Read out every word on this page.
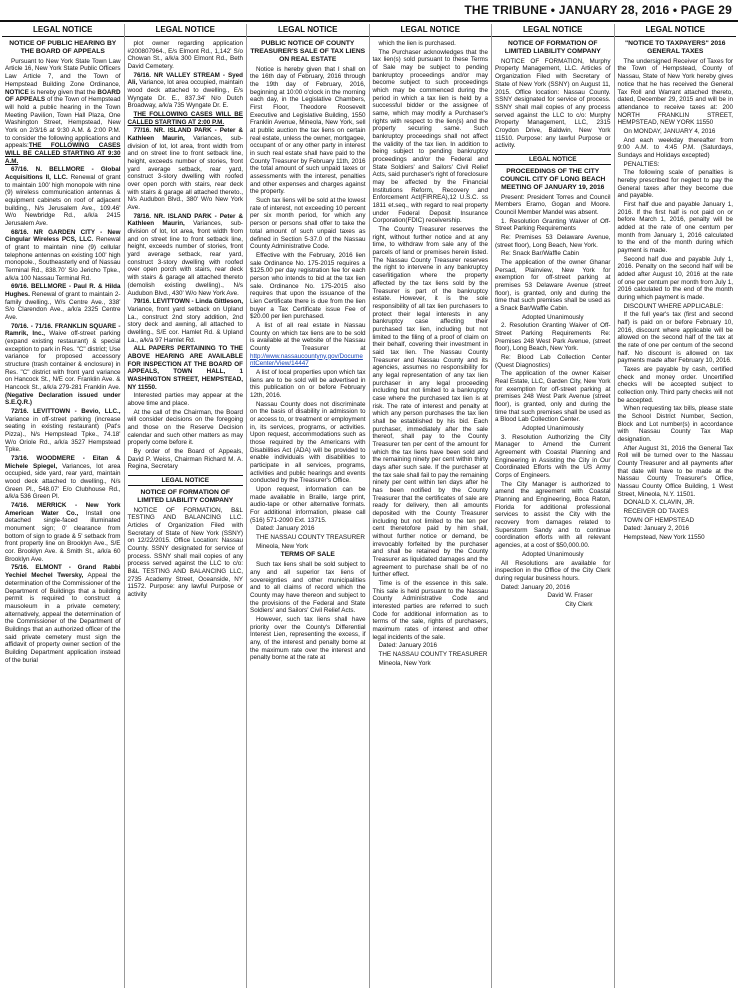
THE TRIBUNE • JANUARY 28, 2016 • PAGE 29
LEGAL NOTICE
NOTICE OF PUBLIC HEARING BY THE BOARD OF APPEALS
Pursuant to New York State Town Law Article 16, New York State Public Officers Law Article 7, and the Town of Hempstead Building Zone Ordinance, NOTICE is hereby given that the BOARD OF APPEALS of the Town of Hempstead will hold a public hearing in the Town Meeting Pavilion, Town Hall Plaza, One Washington Street, Hempstead, New York on 2/3/16 at 9:30 A.M. & 2:00 P.M. to consider the following applications and appeals:THE FOLLOWING CASES WILL BE CALLED STARTING AT 9:30 A.M.
67/16. N. BELLMORE - Global Acquisitions II, LLC. Renewal of grant to maintain 100' high monopole with nine (9) wireless communication antennas & equipment cabinets on roof of adjacent building., N/s Jerusalem Ave., 109.46' W/o Newbridge Rd., a/k/a 2415 Jerusalem Ave.
68/16. NR GARDEN CITY - New Cingular Wireless PCS, LLC. Renewal of grant to maintain nine (9) cellular telephone antennas on existing 100' high monopole., Southeasterly end of Nassau Terminal Rd., 838.70' S/o Jericho Tpke., a/k/a 100 Nassau Terminal Rd.
69/16. BELLMORE - Paul R. & Hilda Hughes. Renewal of grant to maintain 2-family dwelling., W/s Centre Ave., 338' S/o Clarendon Ave., a/k/a 2325 Centre Ave.
70/16. - 71/16. FRANKLIN SQUARE - Ramrik, Inc., Waive off-street parking (expand existing restaurant) & special exception to park in Res. "C" district; Use variance for proposed accessory structure (trash container & enclosure) in Res. "C" district with front yard variance on Hancock St., N/E cor. Franklin Ave. & Hancock St., a/k/a 279-281 Franklin Ave. (Negative Declaration issued under S.E.Q.R.)
72/16. LEVITTOWN - Bevio, LLC., Variance in off-street parking (increase seating in existing restaurant) (Pat's Pizza)., N/s Hempstead Tpke., 74.18' W/o Oriole Rd., a/k/a 3527 Hempstead Tpke.
73/16. WOODMERE - Eitan & Michele Spiegel, Variances, lot area occupied, side yard, rear yard, maintain wood deck attached to dwelling., N/s Green Pl., 548.07' E/o Clubhouse Rd., a/k/a 536 Green Pl.
74/16. MERRICK - New York American Water Co., Install one detached single-faced illuminated monument sign; 0' clearance from bottom of sign to grade & 5' setback from front property line on Brooklyn Ave., S/E cor. Brooklyn Ave. & Smith St., a/k/a 60 Brooklyn Ave.
75/16. ELMONT - Grand Rabbi Yechiel Mechel Twersky, Appeal the determination of the Commissioner of the Department of Buildings that a building permit is required to construct a mausoleum in a private cemetery; alternatively, appeal the determination of the Commissioner of the Department of Buildings that an authorized officer of the said private cemetery must sign the affidavit of property owner section of the Building Department application instead of the burial
LEGAL NOTICE
plot owner regarding application #200807964., E/s Elmont Rd., 1,142' S/o Chowan St., a/k/a 300 Elmont Rd., Beth David Cemetery.
76/16. NR VALLEY STREAM - Syed Ali, Variance, lot area occupied, maintain wood deck attached to dwelling., E/s Wyngate Dr. E., 837.34' N/o Dutch Broadway, a/k/a 735 Wyngate Dr. E.
THE FOLLOWING CASES WILL BE CALLED STARTING AT 2:00 P.M.
77/16. NR. ISLAND PARK - Peter & Kathleen Maurin, Variances, sub-division of lot, lot area, front width from and on street line to front setback line, height, exceeds number of stories, front yard average setback, rear yard, construct 3-story dwelling with roofed over open porch with stairs, rear deck with stairs & garage all attached thereto., N/s Audubon Blvd., 380' W/o New York Ave.
78/16. NR. ISLAND PARK - Peter & Kathleen Maurin, Variances, sub-division of lot, lot area, front width from and on street line to front setback line, height, exceeds number of stories, front yard average setback, rear yard, construct 3-story dwelling with roofed over open porch with stairs, rear deck with stairs & garage all attached thereto (demolish existing dwelling)., N/s Audubon Blvd., 430' W/o New York Ave.
79/16. LEVITTOWN - Linda Gittleson, Variance, front yard setback on Upland La., construct 2nd story addition, 2nd story deck and awning, all attached to dwelling., S/E cor. Hamlet Rd. & Upland La., a/k/a 97 Hamlet Rd.
ALL PAPERS PERTAINING TO THE ABOVE HEARING ARE AVAILABLE FOR INSPECTION AT THE BOARD OF APPEALS, TOWN HALL, 1 WASHINGTON STREET, HEMPSTEAD, NY 11550.
Interested parties may appear at the above time and place.
At the call of the Chairman, the Board will consider decisions on the foregoing and those on the Reserve Decision calendar and such other matters as may properly come before it.
By order of the Board of Appeals, David P. Weiss, Chairman Richard M. A. Regina, Secretary
LEGAL NOTICE
NOTICE OF FORMATION OF LIMITED LIABILITY COMPANY
NOTICE OF FORMATION, B&L TESTING AND BALANCING LLC. Articles of Organization Filed with Secretary of State of New York (SSNY) on 12/22/2015. Office Location: Nassau County. SSNY designated for service of process. SSNY shall mail copies of any process served against the LLC to c/o: B&L TESTING AND BALANCING LLC, 2735 Academy Street, Oceanside, NY 11572. Purpose: any lawful Purpose or activity
LEGAL NOTICE
PUBLIC NOTICE OF COUNTY TREASURER'S SALE OF TAX LIENS ON REAL ESTATE
Notice is hereby given that I shall on the 16th day of February, 2016 through the 19th day of February, 2016, beginning at 10:00 o'clock in the morning each day, in the Legislative Chambers, First Floor, Theodore Roosevelt Executive and Legislative Building, 1550 Franklin Avenue, Mineola, New York, sell at public auction the tax liens on certain real estate, unless the owner, mortgagee, occupant of or any other party in interest in such real estate shall have paid to the County Treasurer by February 11th, 2016 the total amount of such unpaid taxes or assessments with the interest, penalties and other expenses and charges against the property.
Such tax liens will be sold at the lowest rate of interest, not exceeding 10 percent per six month period, for which any person or persons shall offer to take the total amount of such unpaid taxes as defined in Section 5-37.0 of the Nassau County Administrative Code.
Effective with the February, 2016 lien sale Ordinance No. 175-2015 requires a $125.00 per day registration fee for each person who intends to bid at the tax lien sale. Ordinance No. 175-2015 also requires that upon the issuance of the Lien Certificate there is due from the lien buyer a Tax Certificate issue Fee of $20.00 per lien purchased.
A list of all real estate in Nassau County on which tax liens are to be sold is available at the website of the Nassau County Treasurer at http://www.nassaucountyny.gov/DocumentCenter/View/14447
A list of local properties upon which tax liens are to be sold will be advertised in this publication on or before February 12th, 2016.
Nassau County does not discriminate on the basis of disability in admission to or access to, or treatment or employment in, its services, programs, or activities. Upon request, accommodations such as those required by the Americans with Disabilities Act (ADA) will be provided to enable individuals with disabilities to participate in all services, programs, activities and public hearings and events conducted by the Treasurer's Office.
Upon request, information can be made available in Braille, large print, audio-tape or other alternative formats. For additional information, please call (516) 571-2090 Ext. 13715.
Dated: January 2016
THE NASSAU COUNTY TREASURER
Mineola, New York
TERMS OF SALE
Such tax liens shall be sold subject to any and all superior tax liens of sovereignties and other municipalities and to all claims of record which the County may have thereon and subject to the provisions of the Federal and State Soldiers' and Sailors' Civil Relief Acts.
However, such tax liens shall have priority over the County's Differential Interest Lien, representing the excess, if any, of the interest and penalty borne at the maximum rate over the interest and penalty borne at the rate at
LEGAL NOTICE
which the lien is purchased.
The Purchaser acknowledges that the tax lien(s) sold pursuant to these Terms of Sale may be subject to pending bankruptcy proceedings and/or may become subject to such proceedings which may be commenced during the period in which a tax lien is held by a successful bidder or the assignee of same, which may modify a Purchaser's rights with respect to the lien(s) and the property securing same. Such bankruptcy proceedings shall not affect the validity of the tax lien. In addition to being subject to pending bankruptcy proceedings and/or the Federal and State Soldiers' and Sailors' Civil Relief Acts, said purchaser's right of foreclosure may be affected by the Financial Institutions Reform, Recovery and Enforcement Act(FIRREA),12 U.S.C. ss 1811 et.seq., with regard to real property under Federal Deposit Insurance Corporation(FDIC) receivership.
The County Treasurer reserves the right, without further notice and at any time, to withdraw from sale any of the parcels of land or premises herein listed. The Nassau County Treasurer reserves the right to intervene in any bankruptcy case/litigation where the property affected by the tax liens sold by the Treasurer is part of the bankruptcy estate. However, it is the sole responsibility of all tax lien purchasers to protect their legal interests in any bankruptcy case affecting their purchased tax lien, including but not limited to the filing of a proof of claim on their behalf, covering their investment in said tax lien. The Nassau County Treasurer and Nassau County and its agencies, assumes no responsibility for any legal representation of any tax lien purchaser in any legal proceeding including but not limited to a bankruptcy case where the purchased tax lien is at risk. The rate of interest and penalty at which any person purchases the tax lien shall be established by his bid. Each purchaser, immediately after the sale thereof, shall pay to the County Treasurer ten per cent of the amount for which the tax liens have been sold and the remaining ninety per cent within thirty days after such sale. If the purchaser at the tax sale shall fail to pay the remaining ninety per cent within ten days after he has been notified by the County Treasurer that the certificates of sale are ready for delivery, then all amounts deposited with the County Treasurer including but not limited to the ten per cent theretofore paid by him shall, without further notice or demand, be irrevocably forfeited by the purchaser and shall be retained by the County Treasurer as liquidated damages and the agreement to purchase shall be of no further effect.
Time is of the essence in this sale. This sale is held pursuant to the Nassau County Administrative Code and interested parties are referred to such Code for additional information as to terms of the sale, rights of purchasers, maximum rates of interest and other legal incidents of the sale.
Dated: January 2016
THE NASSAU COUNTY TREASURER
Mineola, New York
LEGAL NOTICE
NOTICE OF FORMATION OF LIMITED LIABILITY COMPANY
NOTICE OF FORMATION, Murphy Property Management, LLC. Articles of Organization Filed with Secretary of State of New York (SSNY) on August 11, 2015. Office location: Nassau County. SSNY designated for service of process. SSNY shall mail copies of any process served against the LLC to c/o: Murphy Property Management, LLC, 2315 Croydon Drive, Baldwin, New York 11510. Purpose: any lawful Purpose or activity.
LEGAL NOTICE
PROCEEDINGS OF THE CITY COUNCIL CITY OF LONG BEACH MEETING OF JANUARY 19, 2016
Present: President Torres and Council Members Eramo, Gogan and Moore. Council Member Mandel was absent.
1. Resolution Granting Waiver of Off-Street Parking Requirements
Re: Premises 53 Delaware Avenue, (street floor), Long Beach, New York.
Re: Snack Bar/Waffle Cabin
The application of the owner Ghanar Persad, Plainview, New York for exemption for off-street parking at premises 53 Delaware Avenue (street floor), is granted, only and during the time that such premises shall be used as a Snack Bar/Waffle Cabin.
Adopted Unanimously
2. Resolution Granting Waiver of Off-Street Parking Requirements Re: Premises 248 West Park Avenue, (street floor), Long Beach, New York.
Re: Blood Lab Collection Center (Quest Diagnostics)
The application of the owner Kaiser Real Estate, LLC, Garden City, New York for exemption for off-street parking at premises 248 West Park Avenue (street floor), is granted, only and during the time that such premises shall be used as a Blood Lab Collection Center.
Adopted Unanimously
3. Resolution Authorizing the City Manager to Amend the Current Agreement with Coastal Planning and Engineering in Assisting the City in Our Coordinated Efforts with the US Army Corps of Engineers.
The City Manager is authorized to amend the agreement with Coastal Planning and Engineering, Boca Raton, Florida for additional professional services to assist the City with the recovery from damages related to Superstorm Sandy and to continue coordination efforts with all relevant agencies, at a cost of $50,000.00.
Adopted Unanimously
All Resolutions are available for inspection in the Office of the City Clerk during regular business hours.
Dated: January 20, 2016
David W. Fraser
City Clerk
LEGAL NOTICE
"NOTICE TO TAXPAYERS" 2016 GENERAL TAXES
The undersigned Receiver of Taxes for the Town of Hempstead, County of Nassau, State of New York hereby gives notice that he has received the General Tax Roll and Warrant attached thereto, dated, December 29, 2015 and will be in attendance to receive taxes at: 200 NORTH FRANKLIN STREET, HEMPSTEAD, NEW YORK 11550
On MONDAY, JANUARY 4, 2016
And each weekday thereafter from 9:00 A.M. to 4:45 P.M. (Saturdays, Sundays and Holidays excepted)
PENALTIES:
The following scale of penalties is hereby prescribed for neglect to pay the General taxes after they become due and payable.
First half due and payable January 1, 2016. If the first half is not paid on or before March 1, 2016, penalty will be added at the rate of one centum per month from January 1, 2016 calculated to the end of the month during which payment is made.
Second half due and payable July 1, 2016. Penalty on the second half will be added after August 10, 2016 at the rate of one per centum per month from July 1, 2016 calculated to the end of the month during which payment is made.
DISCOUNT WHERE APPLICABLE:
If the full year's tax (first and second half) is paid on or before February 10, 2016, discount where applicable will be allowed on the second half of the tax at the rate of one per centum of the second half. No discount is allowed on tax payments made after February 10, 2016.
Taxes are payable by cash, certified check and money order. Uncertified checks will be accepted subject to collection only. Third party checks will not be accepted.
When requesting tax bills, please state the School District Number, Section, Block and Lot number(s) in accordance with Nassau County Tax Map designation.
After August 31, 2016 the General Tax Roll will be turned over to the Nassau County Treasurer and all payments after that date will have to be made at the Nassau County Treasurer's Office, Nassau County Office Building, 1 West Street, Mineola, N.Y. 11501.
DONALD X. CLAVIN, JR.
RECEIVER OD TAXES
TOWN OF HEMPSTEAD
Dated: January 2, 2016
Hempstead, New York 11550
